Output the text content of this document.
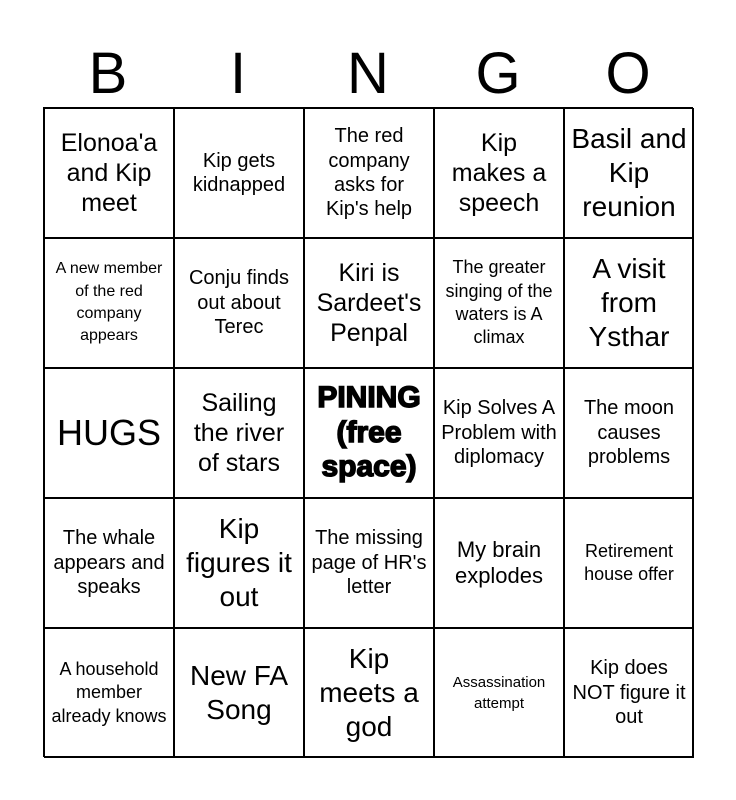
B	I	N	G	O
Elonoa'a and Kip meet
Kip gets kidnapped
The red company asks for Kip's help
Kip makes a speech
Basil and Kip reunion
A new member of the red company appears
Conju finds out about Terec
Kiri is Sardeet's Penpal
The greater singing of the waters is A climax
A visit from Ysthar
HUGS
Sailing the river of stars
PINING (free space)
Kip Solves A Problem with diplomacy
The moon causes problems
The whale appears and speaks
Kip figures it out
The missing page of HR's letter
My brain explodes
Retirement house offer
A household member already knows
New FA Song
Kip meets a god
Assassination attempt
Kip does NOT figure it out
